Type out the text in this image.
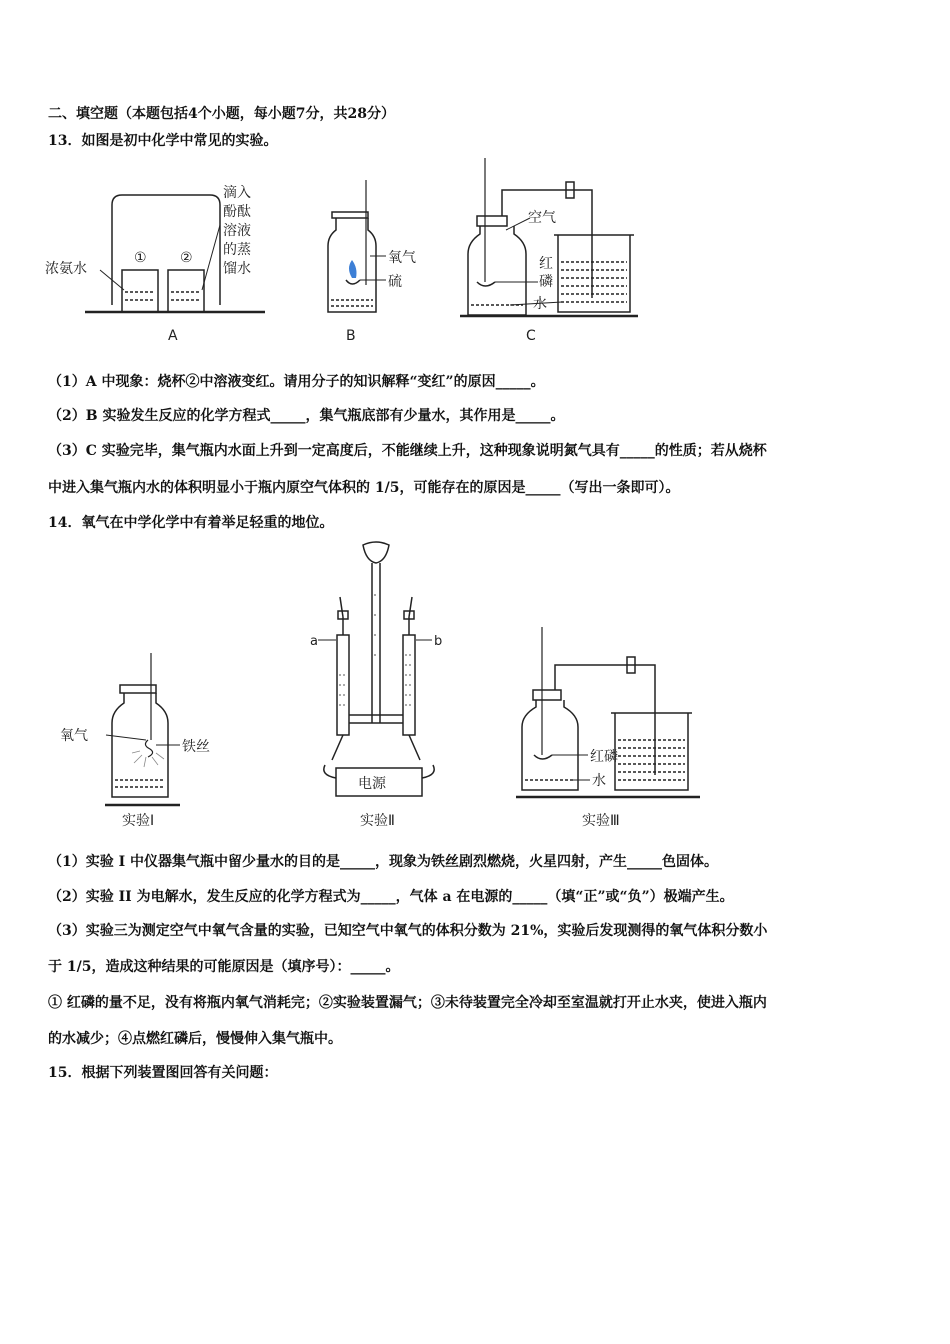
二、填空题（本题包括4个小题，每小题7分，共28分）
13．如图是初中化学中常见的实验。
滴入
酚酞
溶液
的蒸
馏水
浓氨水
① ②
A
氧气
硫
B
空气
红
磷
水
C
（1）A 中现象：烧杯②中溶液变红。请用分子的知识解释“变红”的原因_____。
（2）B 实验发生反应的化学方程式_____，集气瓶底部有少量水，其作用是_____。
（3）C 实验完毕，集气瓶内水面上升到一定高度后，不能继续上升，这种现象说明氮气具有_____的性质；若从烧杯
中进入集气瓶内水的体积明显小于瓶内原空气体积的 1/5，可能存在的原因是_____（写出一条即可）。
14．氧气在中学化学中有着举足轻重的地位。
氧气
铁丝
实验Ⅰ
a	b
电源
实验Ⅱ
红磷
水
实验Ⅲ
（1）实验 I 中仪器集气瓶中留少量水的目的是_____，现象为铁丝剧烈燃烧，火星四射，产生_____色固体。
（2）实验 II 为电解水，发生反应的化学方程式为_____，气体 a 在电源的_____（填“正”或“负”）极端产生。
（3）实验三为测定空气中氧气含量的实验，已知空气中氧气的体积分数为 21%，实验后发现测得的氧气体积分数小
于 1/5，造成这种结果的可能原因是（填序号）：_____。
① 红磷的量不足，没有将瓶内氧气消耗完；②实验装置漏气；③未待装置完全冷却至室温就打开止水夹，使进入瓶内
的水减少；④点燃红磷后，慢慢伸入集气瓶中。
15．根据下列装置图回答有关问题：
